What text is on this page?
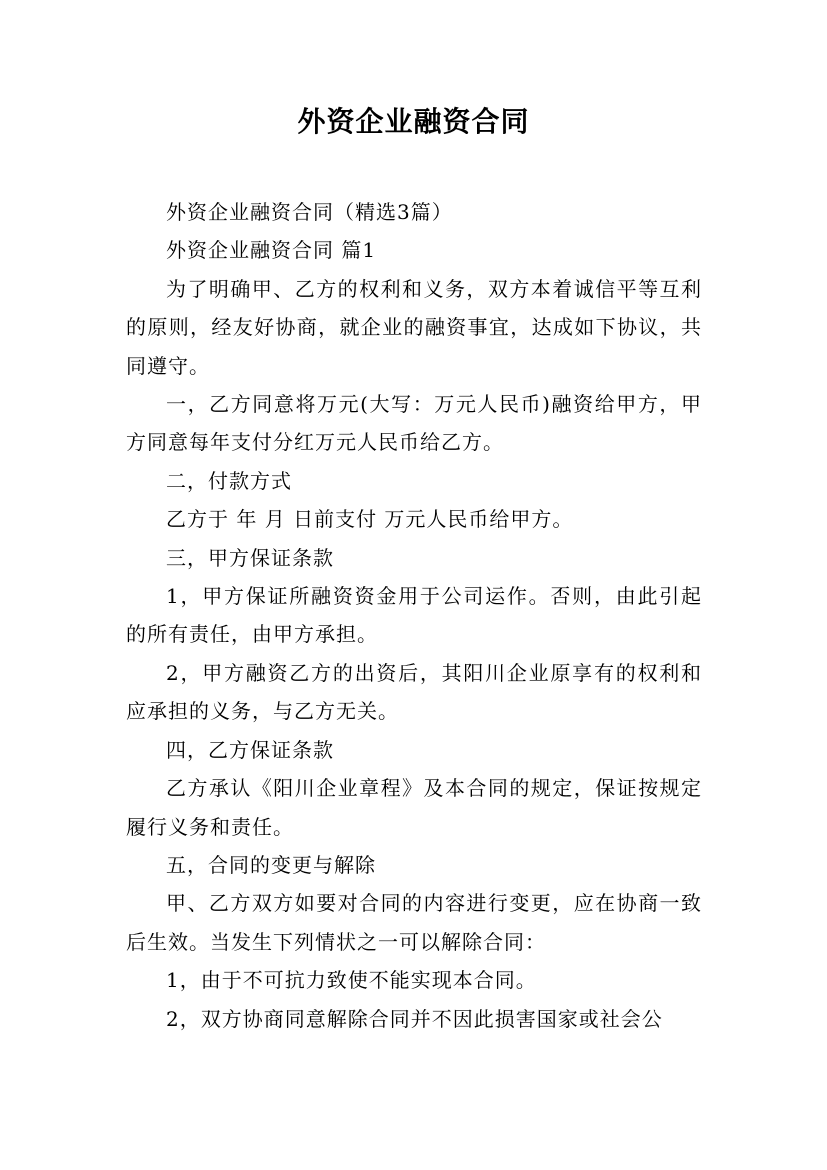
外资企业融资合同

外资企业融资合同（精选3篇）

外资企业融资合同 篇1

为了明确甲、乙方的权利和义务，双方本着诚信平等互利的原则，经友好协商，就企业的融资事宜，达成如下协议，共同遵守。

一，乙方同意将万元(大写：万元人民币)融资给甲方，甲方同意每年支付分红万元人民币给乙方。

二，付款方式

乙方于 年 月 日前支付 万元人民币给甲方。

三，甲方保证条款

1，甲方保证所融资资金用于公司运作。否则，由此引起的所有责任，由甲方承担。

2，甲方融资乙方的出资后，其阳川企业原享有的权利和应承担的义务，与乙方无关。

四，乙方保证条款

乙方承认《阳川企业章程》及本合同的规定，保证按规定履行义务和责任。

五，合同的变更与解除

甲、乙方双方如要对合同的内容进行变更，应在协商一致后生效。当发生下列情状之一可以解除合同：

1，由于不可抗力致使不能实现本合同。

2，双方协商同意解除合同并不因此损害国家或社会公
